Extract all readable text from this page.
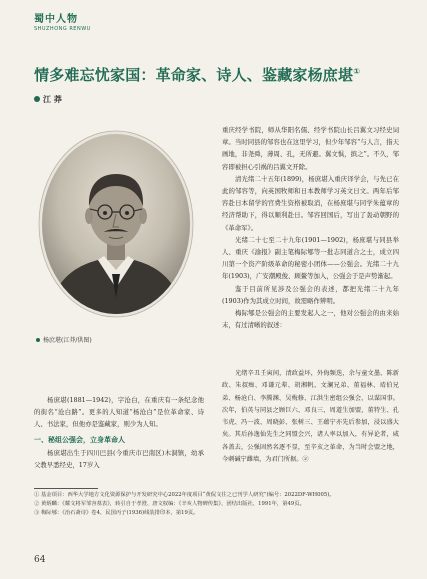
蜀中人物
SHUZHONG RENWU
情多难忘忧家国：革命家、诗人、鉴藏家杨庶堪①
江 莽
杨庶堪(江莽/供图)

杨庶堪(1881—1942)，字沧白，在重庆有一条纪念他的街名“沧白路”。更多的人知道“杨沧白”是位革命家、诗人、书法家，但他亦是鉴藏家，则少为人知。

一、秘组公强会，立身革命人

杨庶堪出生于四川巴县(今重庆市巴南区)木洞镇，幼承父教早悉经史，17岁入

重庆经学书院，师从华阳名儒、经学书院山长吕翼文习经史词章。当时同县的邹容也在这里学习，但少年邹容“与人言，指天画地，非尧舜，薄周、孔，无所避。翼文惧，摈之”。不久，邹容即被担心引祸的吕翼文开除。

清光绪二十五年(1899)，杨庶堪入重庆译学会，与先已在此的邹容等，向英国牧师和日本教师学习英文日文。两年后邹容赴日本留学的官费生资格被取消，在杨庶堪与同学朱蕴章的经济帮助下，得以顺利赴日。邹容回国后，写出了轰动朝野的《革命军》。

光绪二十七至二十九年(1901—1902)，杨庶堪与同县举人、重庆《渝报》副主笔梅际郇等一批志同道合之士，成立四川第一个资产阶级革命的秘密小团体——公强会。光绪二十九年(1903)，广安潮殿俊、顾鳌等加入，公强会于是声势渐起。

鉴于目前所见涉及公强会的表述，都把光绪二十九年(1903)作为其成立时间，故需略作辨明。

梅际郇是公强会的主要发起人之一，他对公强会的由来始末，有过清晰的叙述：

光绪辛丑壬寅间，清政益坏，外侮频迭，余与童文墨、陈新政、朱叔痴、邓谦元辈、胡湘帆、文澜兄弟、董福林、靖伯兄弟、杨沧白、李腾渊、吴梅修、江洪生密组公强会，以谋国事。次年，伯英与同县之顾巨六、邓良三、周道生加盟，董特生、孔韦虎、冯一波、周晓彭、张树三、王蕴宁亦先后参加，浸以盛大矣。其后孙逸仙先生之同盟会兴，诸人率以加入，有异论者，咸各盖去，公强固然名逐不显，至辛亥之革命，为当时会盟之地，今刺碱宁雌墙，为君门所据。②

① 基金项目：西华大学地方文化资源保护与开发研究中心2022年度项目“黄侃文往之已刊学人研究”(编号：2022DF-WH005)。

② 黄炳麟：《耀文将军邹容墓表》，转引自于孝澄、唐文权编：《辛亥人物碑传集》，团结出版社，1991年，第49页。

③ 梅际郇：《治石斋诗》卷4，民国丙子(1936)线装排印本，第19页。

64
